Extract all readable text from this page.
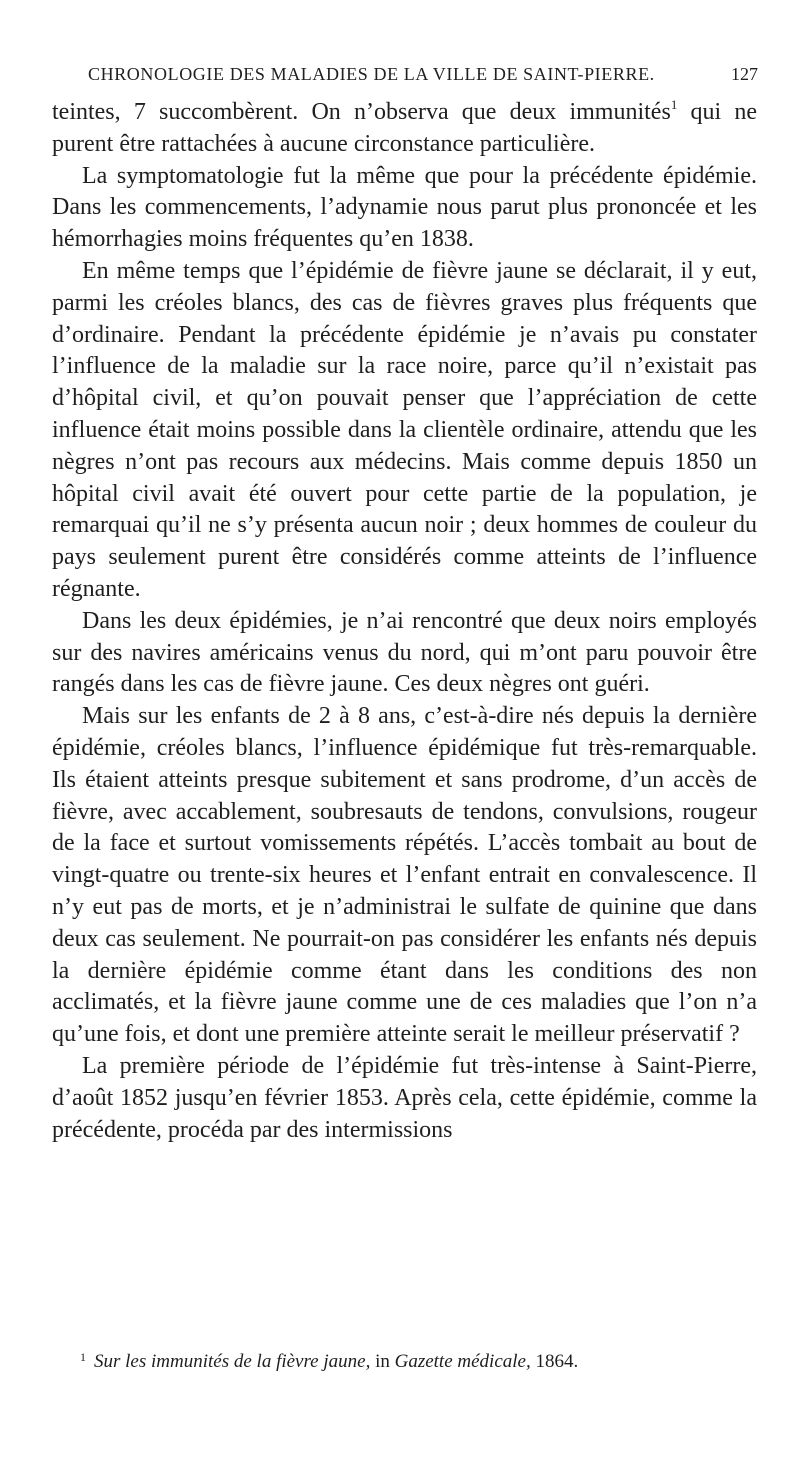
CHRONOLOGIE DES MALADIES DE LA VILLE DE SAINT-PIERRE.	127

teintes, 7 succombèrent. On n’observa que deux immunités$^1$ qui ne purent être rattachées à aucune circonstance particulière.

La symptomatologie fut la même que pour la précédente épidémie. Dans les commencements, l’adynamie nous parut plus prononcée et les hémorrhagies moins fréquentes qu’en 1838.

En même temps que l’épidémie de fièvre jaune se déclarait, il y eut, parmi les créoles blancs, des cas de fièvres graves plus fréquents que d’ordinaire. Pendant la précédente épidémie je n’avais pu constater l’influence de la maladie sur la race noire, parce qu’il n’existait pas d’hôpital civil, et qu’on pouvait penser que l’appréciation de cette influence était moins possible dans la clientèle ordinaire, attendu que les nègres n’ont pas recours aux médecins. Mais comme depuis 1850 un hôpital civil avait été ouvert pour cette partie de la population, je remarquai qu’il ne s’y présenta aucun noir ; deux hommes de couleur du pays seulement purent être considérés comme atteints de l’influence régnante.

Dans les deux épidémies, je n’ai rencontré que deux noirs employés sur des navires américains venus du nord, qui m’ont paru pouvoir être rangés dans les cas de fièvre jaune. Ces deux nègres ont guéri.

Mais sur les enfants de 2 à 8 ans, c’est-à-dire nés depuis la dernière épidémie, créoles blancs, l’influence épidémique fut très-remarquable. Ils étaient atteints presque subitement et sans prodrome, d’un accès de fièvre, avec accablement, soubresauts de tendons, convulsions, rougeur de la face et surtout vomissements répétés. L’accès tombait au bout de vingt-quatre ou trente-six heures et l’enfant entrait en convalescence. Il n’y eut pas de morts, et je n’administrai le sulfate de quinine que dans deux cas seulement. Ne pourrait-on pas considérer les enfants nés depuis la dernière épidémie comme étant dans les conditions des non acclimatés, et la fièvre jaune comme une de ces maladies que l’on n’a qu’une fois, et dont une première atteinte serait le meilleur préservatif ?

La première période de l’épidémie fut très-intense à Saint-Pierre, d’août 1852 jusqu’en février 1853. Après cela, cette épidémie, comme la précédente, procéda par des intermissions

$^1$ Sur les immunités de la fièvre jaune, in Gazette médicale, 1864.
